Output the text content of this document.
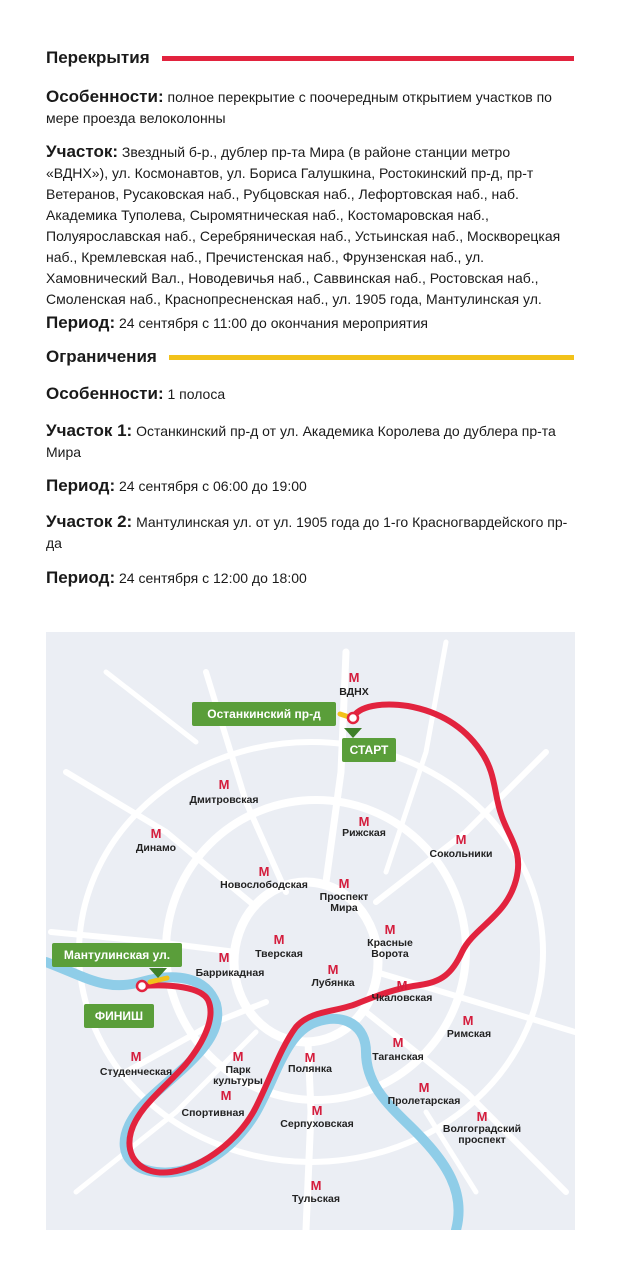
Перекрытия
Особенности: полное перекрытие с поочередным открытием участков по мере проезда велоколонны
Участок: Звездный б-р., дублер пр-та Мира (в районе станции метро «ВДНХ»), ул. Космонавтов, ул. Бориса Галушкина, Ростокинский пр-д, пр-т Ветеранов, Русаковская наб., Рубцовская наб., Лефортовская наб., наб. Академика Туполева, Сыромятническая наб., Костомаровская наб., Полуярославская наб., Серебряническая наб., Устьинская наб., Москворецкая наб., Кремлевская наб., Пречистенская наб., Фрунзенская наб., ул. Хамовнический Вал., Новодевичья наб., Саввинская наб., Ростовская наб., Смоленская наб., Краснопресненская наб., ул. 1905 года, Мантулинская ул.
Период: 24 сентября с 11:00 до окончания мероприятия
Ограничения
Особенности: 1 полоса
Участок 1: Останкинский пр-д от ул. Академика Королева до дублера пр-та Мира
Период: 24 сентября с 06:00 до 19:00
Участок 2: Мантулинская ул. от ул. 1905 года до 1-го Красногвардейского пр-да
Период: 24 сентября с 12:00 до 18:00
Останкинский пр-д
СТАРТ
Мантулинская ул.
ФИНИШ
M
M
M
M
M
M
M
M
M
M
M
M
M
M	M	M
M
M
M
M	M
M
ВДНХ
Дмитровская
Рижская
Сокольники
Динамо
Новослободская
Проспект
Мира
Красные
Ворота
Тверская
Баррикадная
Лубянка
Чкаловская
Римская
Студенческая	Парк
культуры
Полянка
Таганская
Спортивная
Пролетарская
Серпуховская	Волгоградский
проспект
Тульская
